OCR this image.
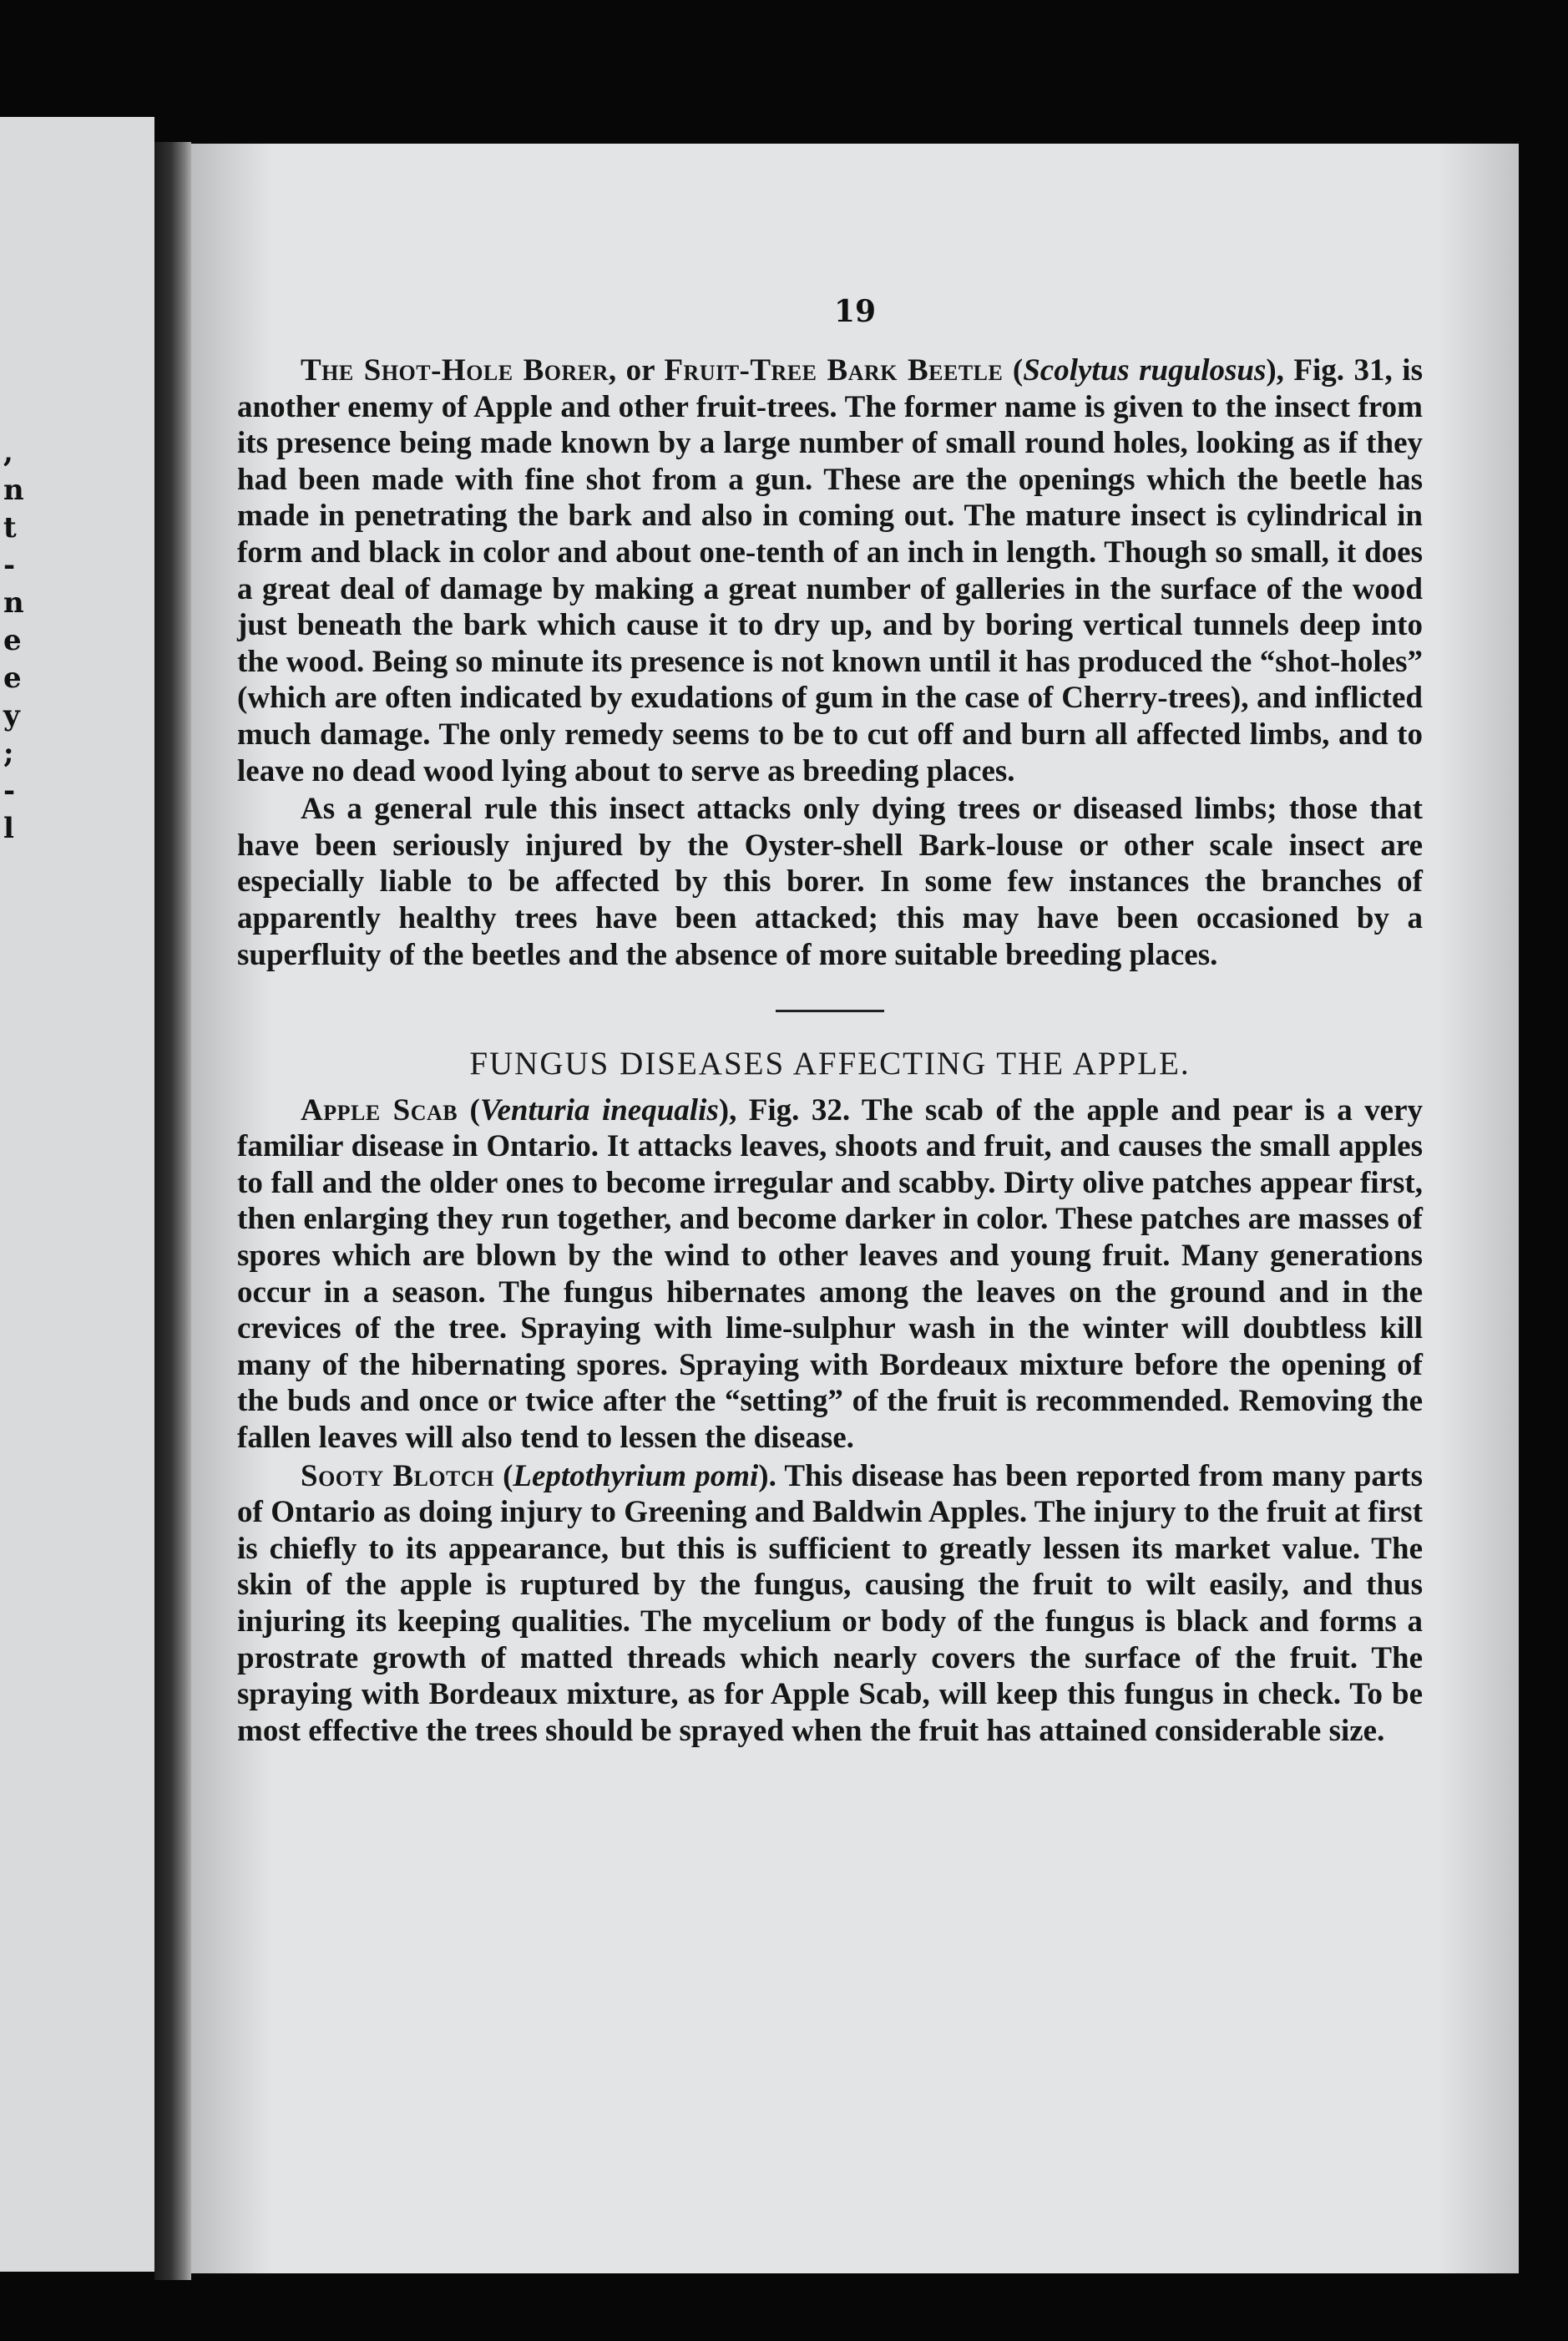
,
n
t
-
n
e
e
y
;
-
l
19

The Shot-Hole Borer, or Fruit-Tree Bark Beetle (Scolytus rugulosus), Fig. 31, is another enemy of Apple and other fruit-trees. The former name is given to the insect from its presence being made known by a large number of small round holes, looking as if they had been made with fine shot from a gun. These are the openings which the beetle has made in penetrating the bark and also in coming out. The mature insect is cylindrical in form and black in color and about one-tenth of an inch in length. Though so small, it does a great deal of damage by making a great number of galleries in the surface of the wood just beneath the bark which cause it to dry up, and by boring vertical tunnels deep into the wood. Being so minute its presence is not known until it has produced the “shot-holes” (which are often indicated by exudations of gum in the case of Cherry-trees), and inflicted much damage. The only remedy seems to be to cut off and burn all affected limbs, and to leave no dead wood lying about to serve as breeding places.

As a general rule this insect attacks only dying trees or diseased limbs; those that have been seriously injured by the Oyster-shell Bark-louse or other scale insect are especially liable to be affected by this borer. In some few instances the branches of apparently healthy trees have been attacked; this may have been occasioned by a superfluity of the beetles and the absence of more suitable breeding places.

FUNGUS DISEASES AFFECTING THE APPLE.

Apple Scab (Venturia inequalis), Fig. 32. The scab of the apple and pear is a very familiar disease in Ontario. It attacks leaves, shoots and fruit, and causes the small apples to fall and the older ones to become irregular and scabby. Dirty olive patches appear first, then enlarging they run together, and become darker in color. These patches are masses of spores which are blown by the wind to other leaves and young fruit. Many generations occur in a season. The fungus hibernates among the leaves on the ground and in the crevices of the tree. Spraying with lime-sulphur wash in the winter will doubtless kill many of the hibernating spores. Spraying with Bordeaux mixture before the opening of the buds and once or twice after the “setting” of the fruit is recommended. Removing the fallen leaves will also tend to lessen the disease.

Sooty Blotch (Leptothyrium pomi). This disease has been reported from many parts of Ontario as doing injury to Greening and Baldwin Apples. The injury to the fruit at first is chiefly to its appearance, but this is sufficient to greatly lessen its market value. The skin of the apple is ruptured by the fungus, causing the fruit to wilt easily, and thus injuring its keeping qualities. The mycelium or body of the fungus is black and forms a prostrate growth of matted threads which nearly covers the surface of the fruit. The spraying with Bordeaux mixture, as for Apple Scab, will keep this fungus in check. To be most effective the trees should be sprayed when the fruit has attained considerable size.
